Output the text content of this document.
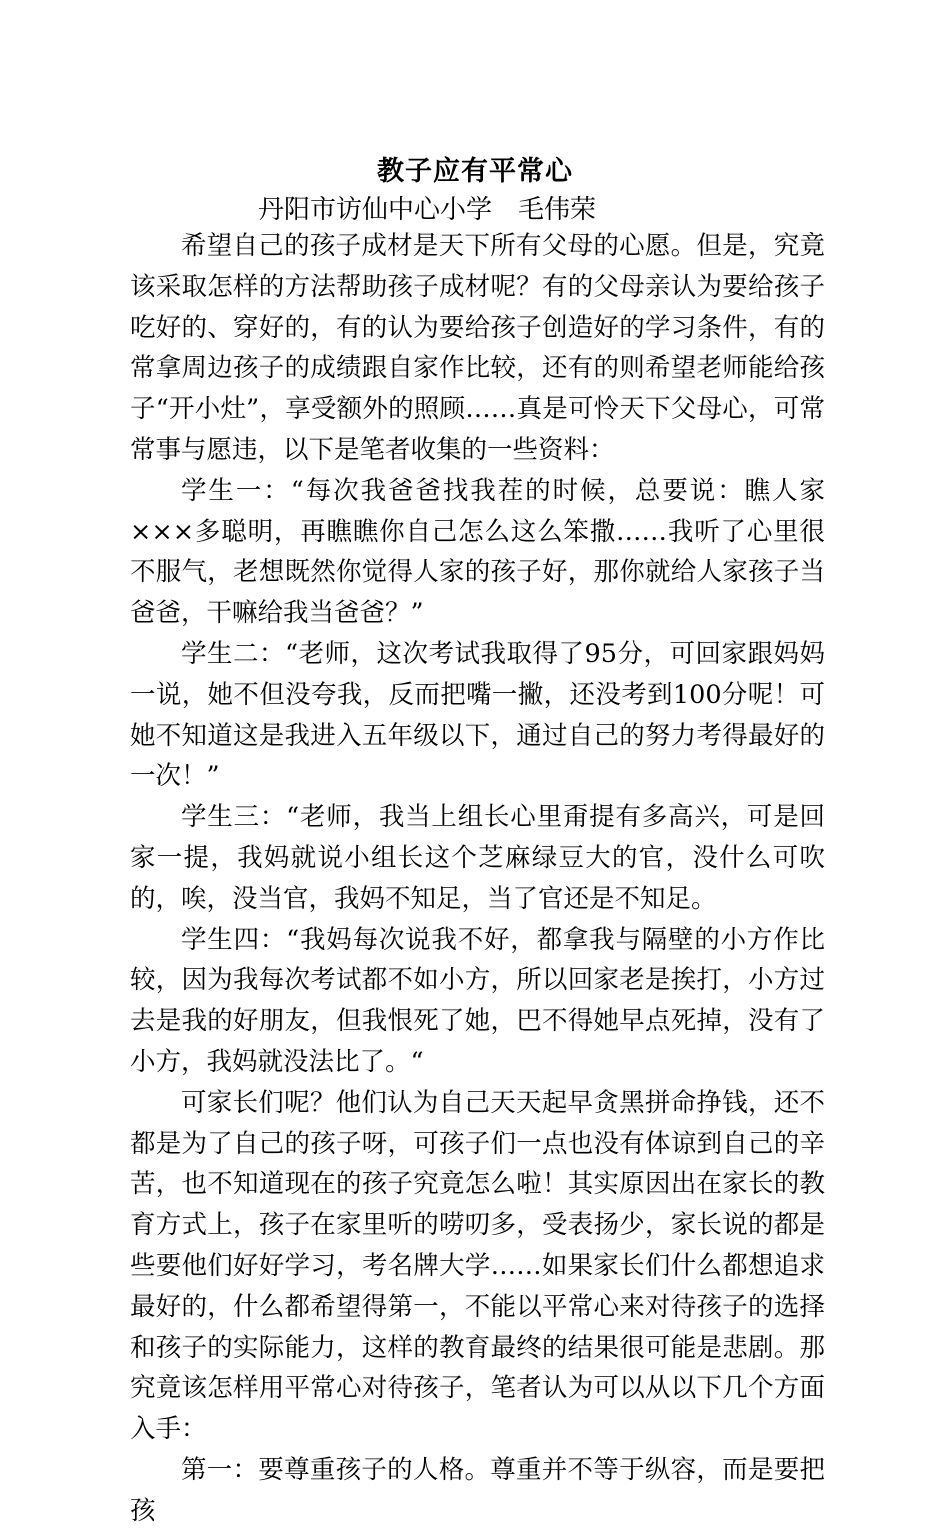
教子应有平常心
丹阳市访仙中心小学 毛伟荣

希望自己的孩子成材是天下所有父母的心愿。但是，究竟该采取怎样的方法帮助孩子成材呢？有的父母亲认为要给孩子吃好的、穿好的，有的认为要给孩子创造好的学习条件，有的常拿周边孩子的成绩跟自家作比较，还有的则希望老师能给孩子“开小灶”，享受额外的照顾……真是可怜天下父母心，可常常事与愿违，以下是笔者收集的一些资料：

学生一：“每次我爸爸找我茬的时候，总要说：瞧人家×××多聪明，再瞧瞧你自己怎么这么笨撒……我听了心里很不服气，老想既然你觉得人家的孩子好，那你就给人家孩子当爸爸，干嘛给我当爸爸？”

学生二：“老师，这次考试我取得了95分，可回家跟妈妈一说，她不但没夸我，反而把嘴一撇，还没考到100分呢！可她不知道这是我进入五年级以下，通过自己的努力考得最好的一次！”

学生三：“老师，我当上组长心里甭提有多高兴，可是回家一提，我妈就说小组长这个芝麻绿豆大的官，没什么可吹的，唉，没当官，我妈不知足，当了官还是不知足。

学生四：“我妈每次说我不好，都拿我与隔壁的小方作比较，因为我每次考试都不如小方，所以回家老是挨打，小方过去是我的好朋友，但我恨死了她，巴不得她早点死掉，没有了小方，我妈就没法比了。“

可家长们呢？他们认为自己天天起早贪黑拼命挣钱，还不都是为了自己的孩子呀，可孩子们一点也没有体谅到自己的辛苦，也不知道现在的孩子究竟怎么啦！其实原因出在家长的教育方式上，孩子在家里听的唠叨多，受表扬少，家长说的都是些要他们好好学习，考名牌大学……如果家长们什么都想追求最好的，什么都希望得第一，不能以平常心来对待孩子的选择和孩子的实际能力，这样的教育最终的结果很可能是悲剧。那究竟该怎样用平常心对待孩子，笔者认为可以从以下几个方面入手：

第一：要尊重孩子的人格。尊重并不等于纵容，而是要把孩
